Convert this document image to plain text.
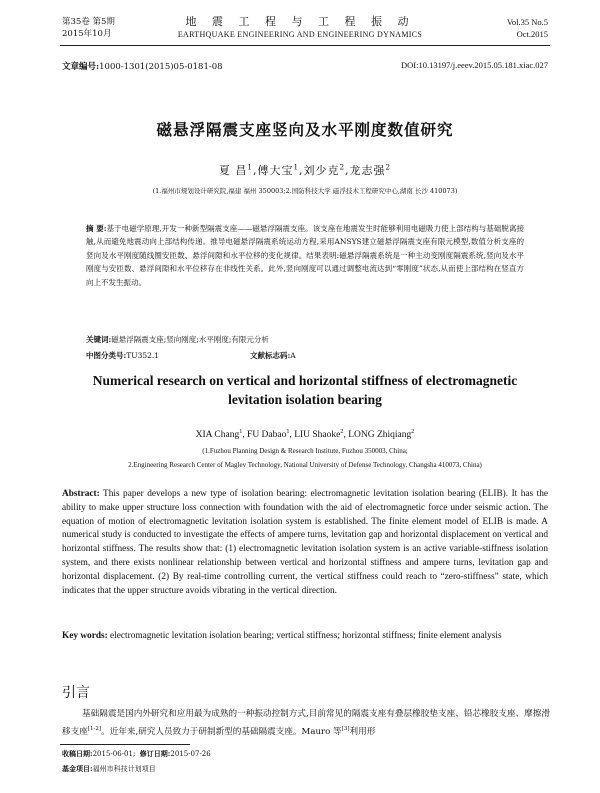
第35卷 第5期
2015年10月
地 震 工 程 与 工 程 振 动
EARTHQUAKE ENGINEERING AND ENGINEERING DYNAMICS
Vol.35 No.5
Oct.2015
文章编号:1000-1301(2015)05-0181-08	DOI:10.13197/j.eeev.2015.05.181.xiac.027
磁悬浮隔震支座竖向及水平刚度数值研究
夏 昌$^1$,傅大宝$^1$,刘少克$^2$,龙志强$^2$
(1.福州市规划设计研究院,福建 福州 350003;2.国防科技大学 磁浮技术工程研究中心,湖南 长沙 410073)
摘 要:基于电磁学原理,开发一种新型隔震支座——磁悬浮隔震支座。该支座在地震发生时能够利用电磁吸力使上部结构与基础脱离接触,从而避免地震动向上部结构传递。推导电磁悬浮隔震系统运动方程,采用ANSYS建立磁悬浮隔震支座有限元模型,数值分析支座的竖向及水平刚度随线圈安匝数、悬浮间隙和水平位移的变化规律。结果表明:磁悬浮隔震系统是一种主动变刚度隔震系统,竖向及水平刚度与安匝数、悬浮间隙和水平位移存在非线性关系。此外,竖向刚度可以通过调整电流达到“零刚度”状态,从而使上部结构在竖直方向上不发生振动。
关键词:磁悬浮隔震支座;竖向刚度;水平刚度;有限元分析
中图分类号:TU352.1	文献标志码:A
Numerical research on vertical and horizontal stiffness of electromagnetic
levitation isolation bearing
XIA Chang$^1$, FU Dabao$^1$, LIU Shaoke$^2$, LONG Zhiqiang$^2$
(1.Fuzhou Planning Design & Research Institute, Fuzhou 350003, China;
2.Engineering Research Center of Maglev Technology, National University of Defense Technology, Changsha 410073, China)
Abstract: This paper develops a new type of isolation bearing: electromagnetic levitation isolation bearing (ELIB). It has the ability to make upper structure loss connection with foundation with the aid of electromagnetic force under seismic action. The equation of motion of electromagnetic levitation isolation system is established. The finite element model of ELIB is made. A numerical study is conducted to investigate the effects of ampere turns, levitation gap and horizontal displacement on vertical and horizontal stiffness. The results show that: (1) electromagnetic levitation isolation system is an active variable-stiffness isolation system, and there exists nonlinear relationship between vertical and horizontal stiffness and ampere turns, levitation gap and horizontal displacement. (2) By real-time controlling current, the vertical stiffness could reach to “zero-stiffness” state, which indicates that the upper structure avoids vibrating in the vertical direction.
Key words: electromagnetic levitation isolation bearing; vertical stiffness; horizontal stiffness; finite element analysis
引言
基础隔震是国内外研究和应用最为成熟的一种振动控制方式,目前常见的隔震支座有叠层橡胶垫支座、铅芯橡胶支座、摩擦滑移支座[1-2]。近年来,研究人员致力于研制新型的基础隔震支座。Mauro 等[3]利用形
收稿日期:2015-06-01; 修订日期:2015-07-26
基金项目:福州市科技计划项目
